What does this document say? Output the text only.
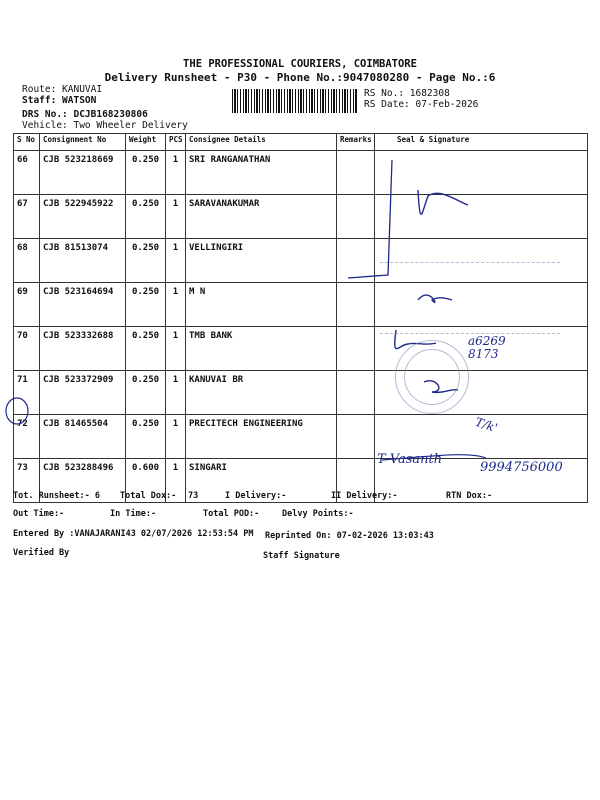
THE PROFESSIONAL COURIERS, COIMBATORE
Delivery Runsheet - P30 - Phone No.:9047080280 - Page No.:6
Route: KANUVAI
Staff: WATSON
DRS No.: DCJB168230806
Vehicle: Two Wheeler Delivery
RS No.: 1682308
RS Date: 07-Feb-2026
S No	Consignment No	Weight	PCS	Consignee Details	Remarks	Seal & Signature
66	CJB 523218669	0.250	1	SRI RANGANATHAN		
67	CJB 522945922	0.250	1	SARAVANAKUMAR		
68	CJB 81513074	0.250	1	VELLINGIRI		
69	CJB 523164694	0.250	1	M N		
70	CJB 523332688	0.250	1	TMB BANK		
71	CJB 523372909	0.250	1	KANUVAI BR		
72	CJB 81465504	0.250	1	PRECITECH ENGINEERING		
73	CJB 523288496	0.600	1	SINGARI		
a6269 8173
T/k'
T Vasanth
9994756000
Tot. Runsheet:- 6 Total Dox:- 73	I Delivery:-	II Delivery:-	RTN Dox:-
Out Time:-	In Time:-	Total POD:-	Delvy Points:-
Entered By :VANAJARANI43 02/07/2026 12:53:54 PM Reprinted On: 07-02-2026 13:03:43
Verified By	Staff Signature
